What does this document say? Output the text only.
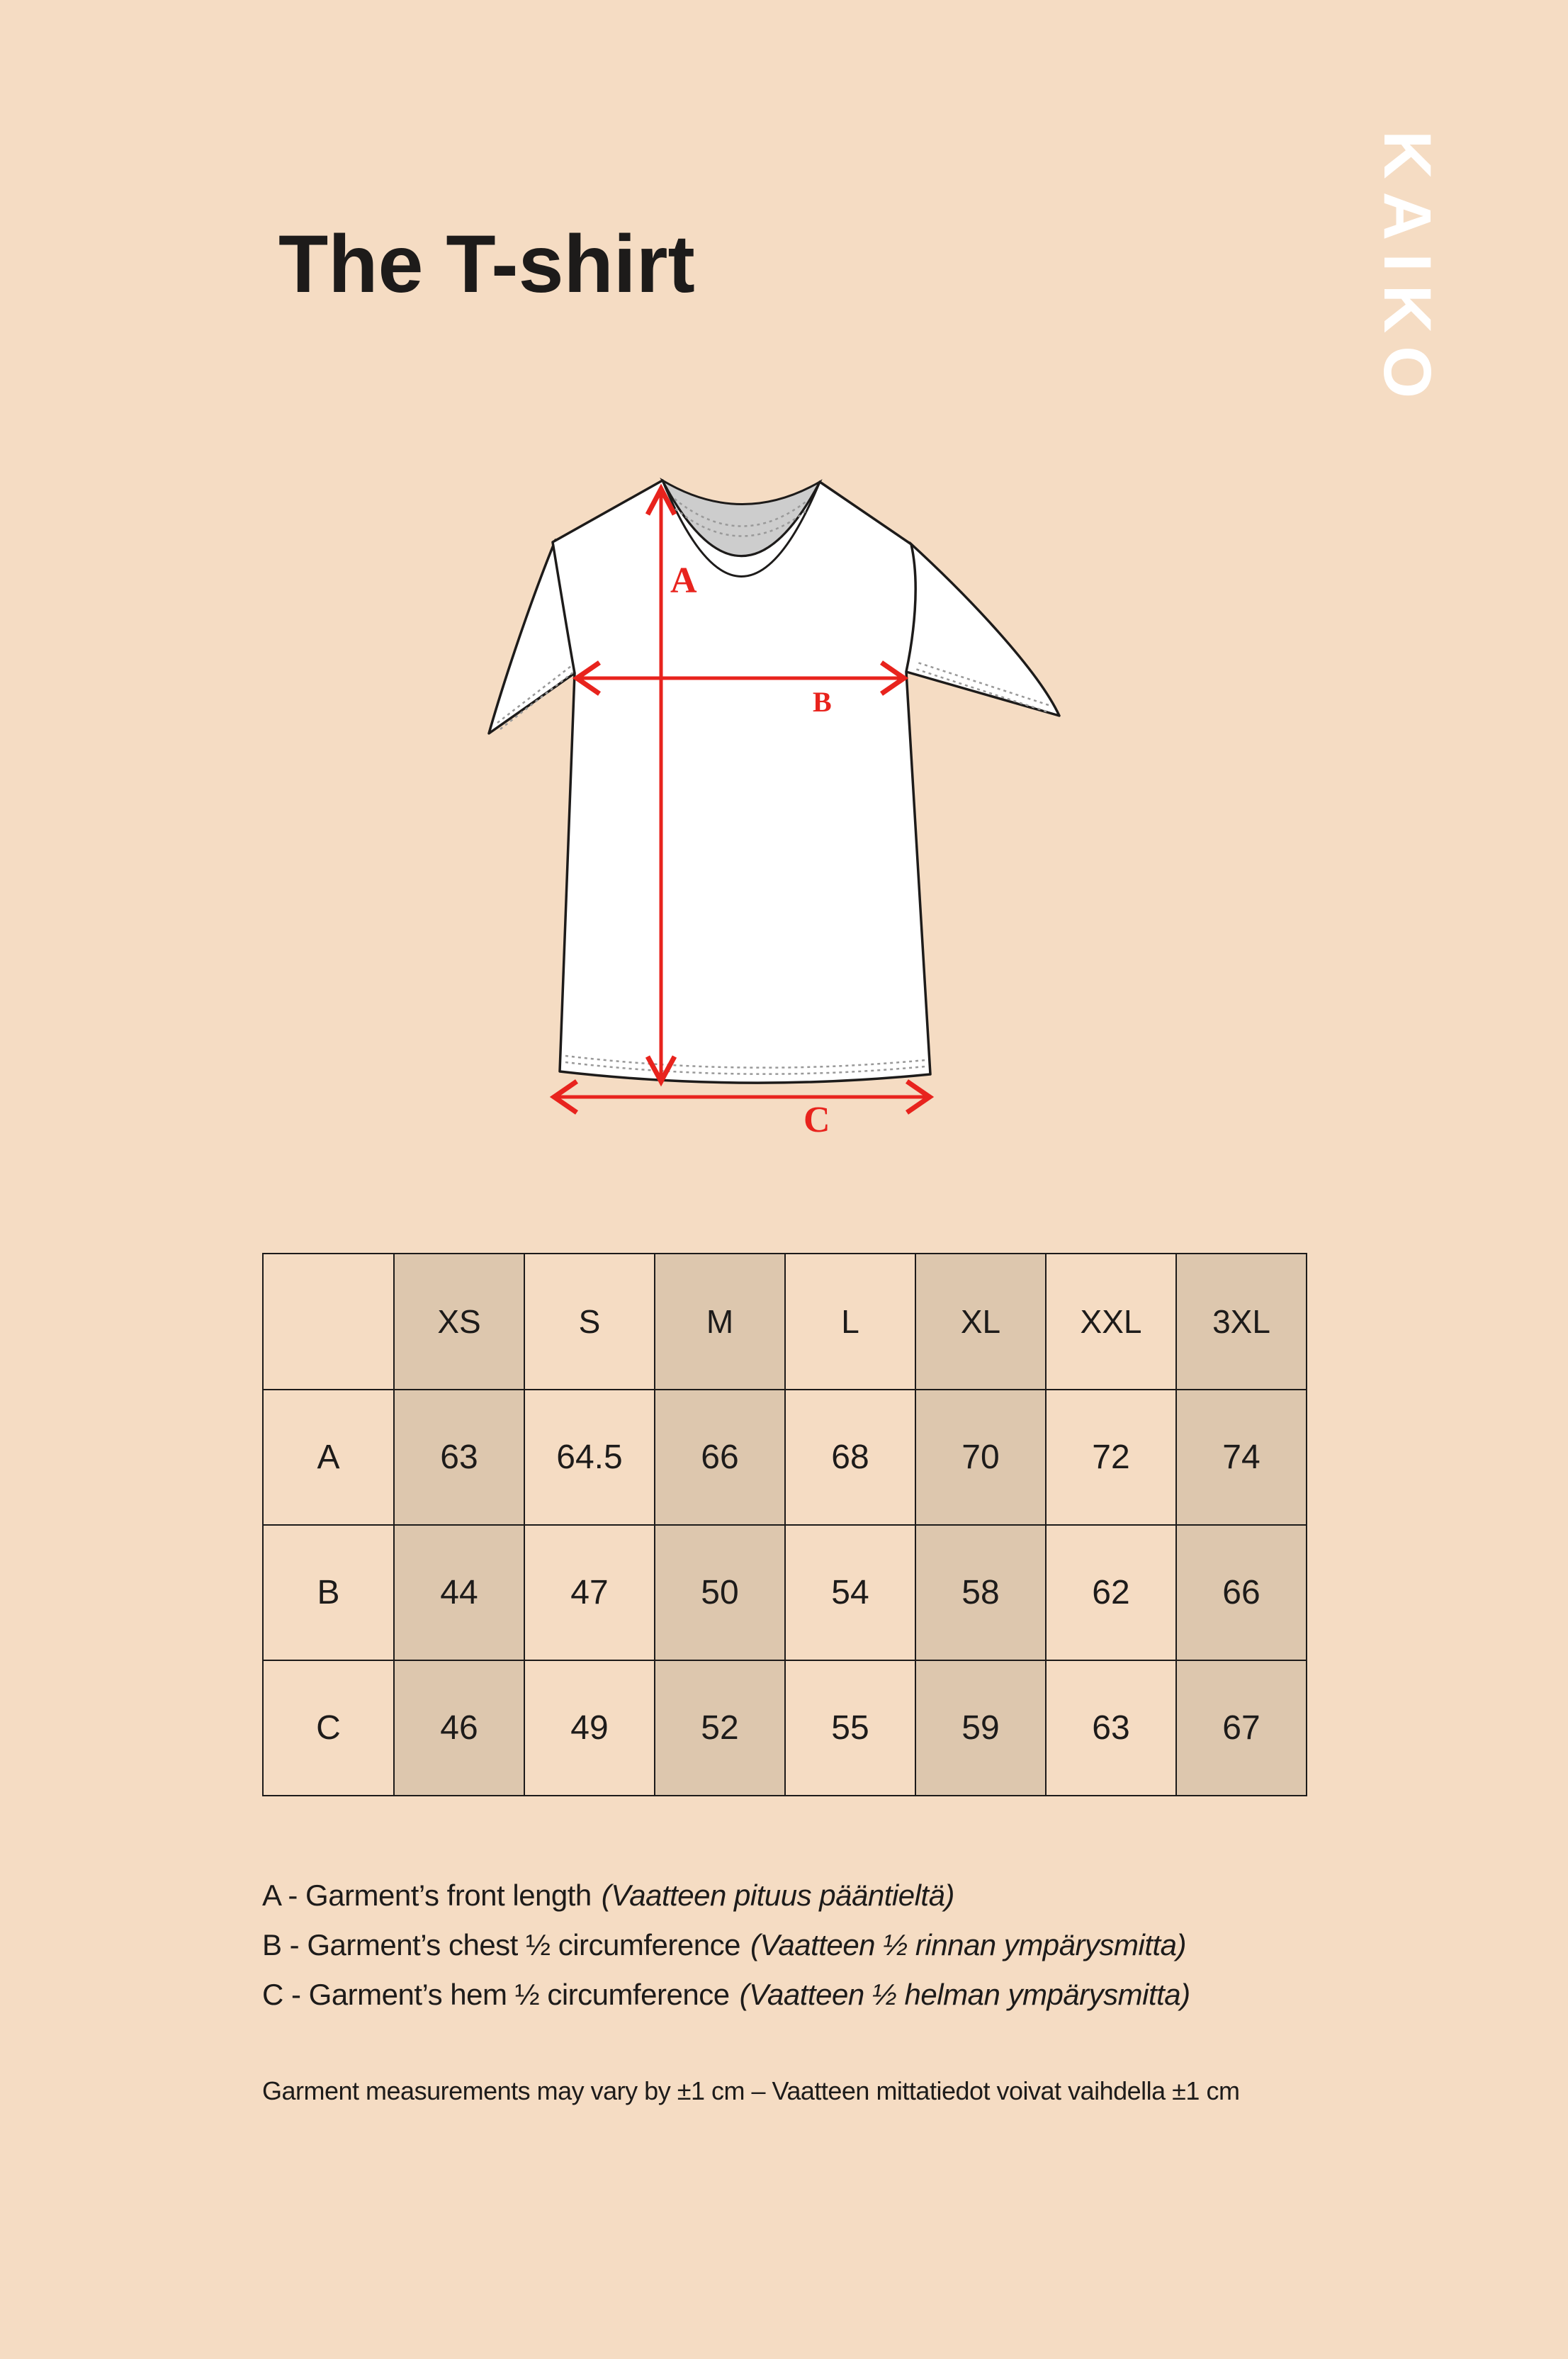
The T-shirt	KAIKO
A
B
C
	XS	S	M	L	XL	XXL	3XL
A	63	64.5	66	68	70	72	74
B	44	47	50	54	58	62	66
C	46	49	52	55	59	63	67
A - Garment’s front length (Vaatteen pituus pääntieltä)
B - Garment’s chest ½ circumference (Vaatteen ½ rinnan ympärysmitta)
C - Garment’s hem ½ circumference (Vaatteen ½ helman ympärysmitta)
Garment measurements may vary by ±1 cm – Vaatteen mittatiedot voivat vaihdella ±1 cm
